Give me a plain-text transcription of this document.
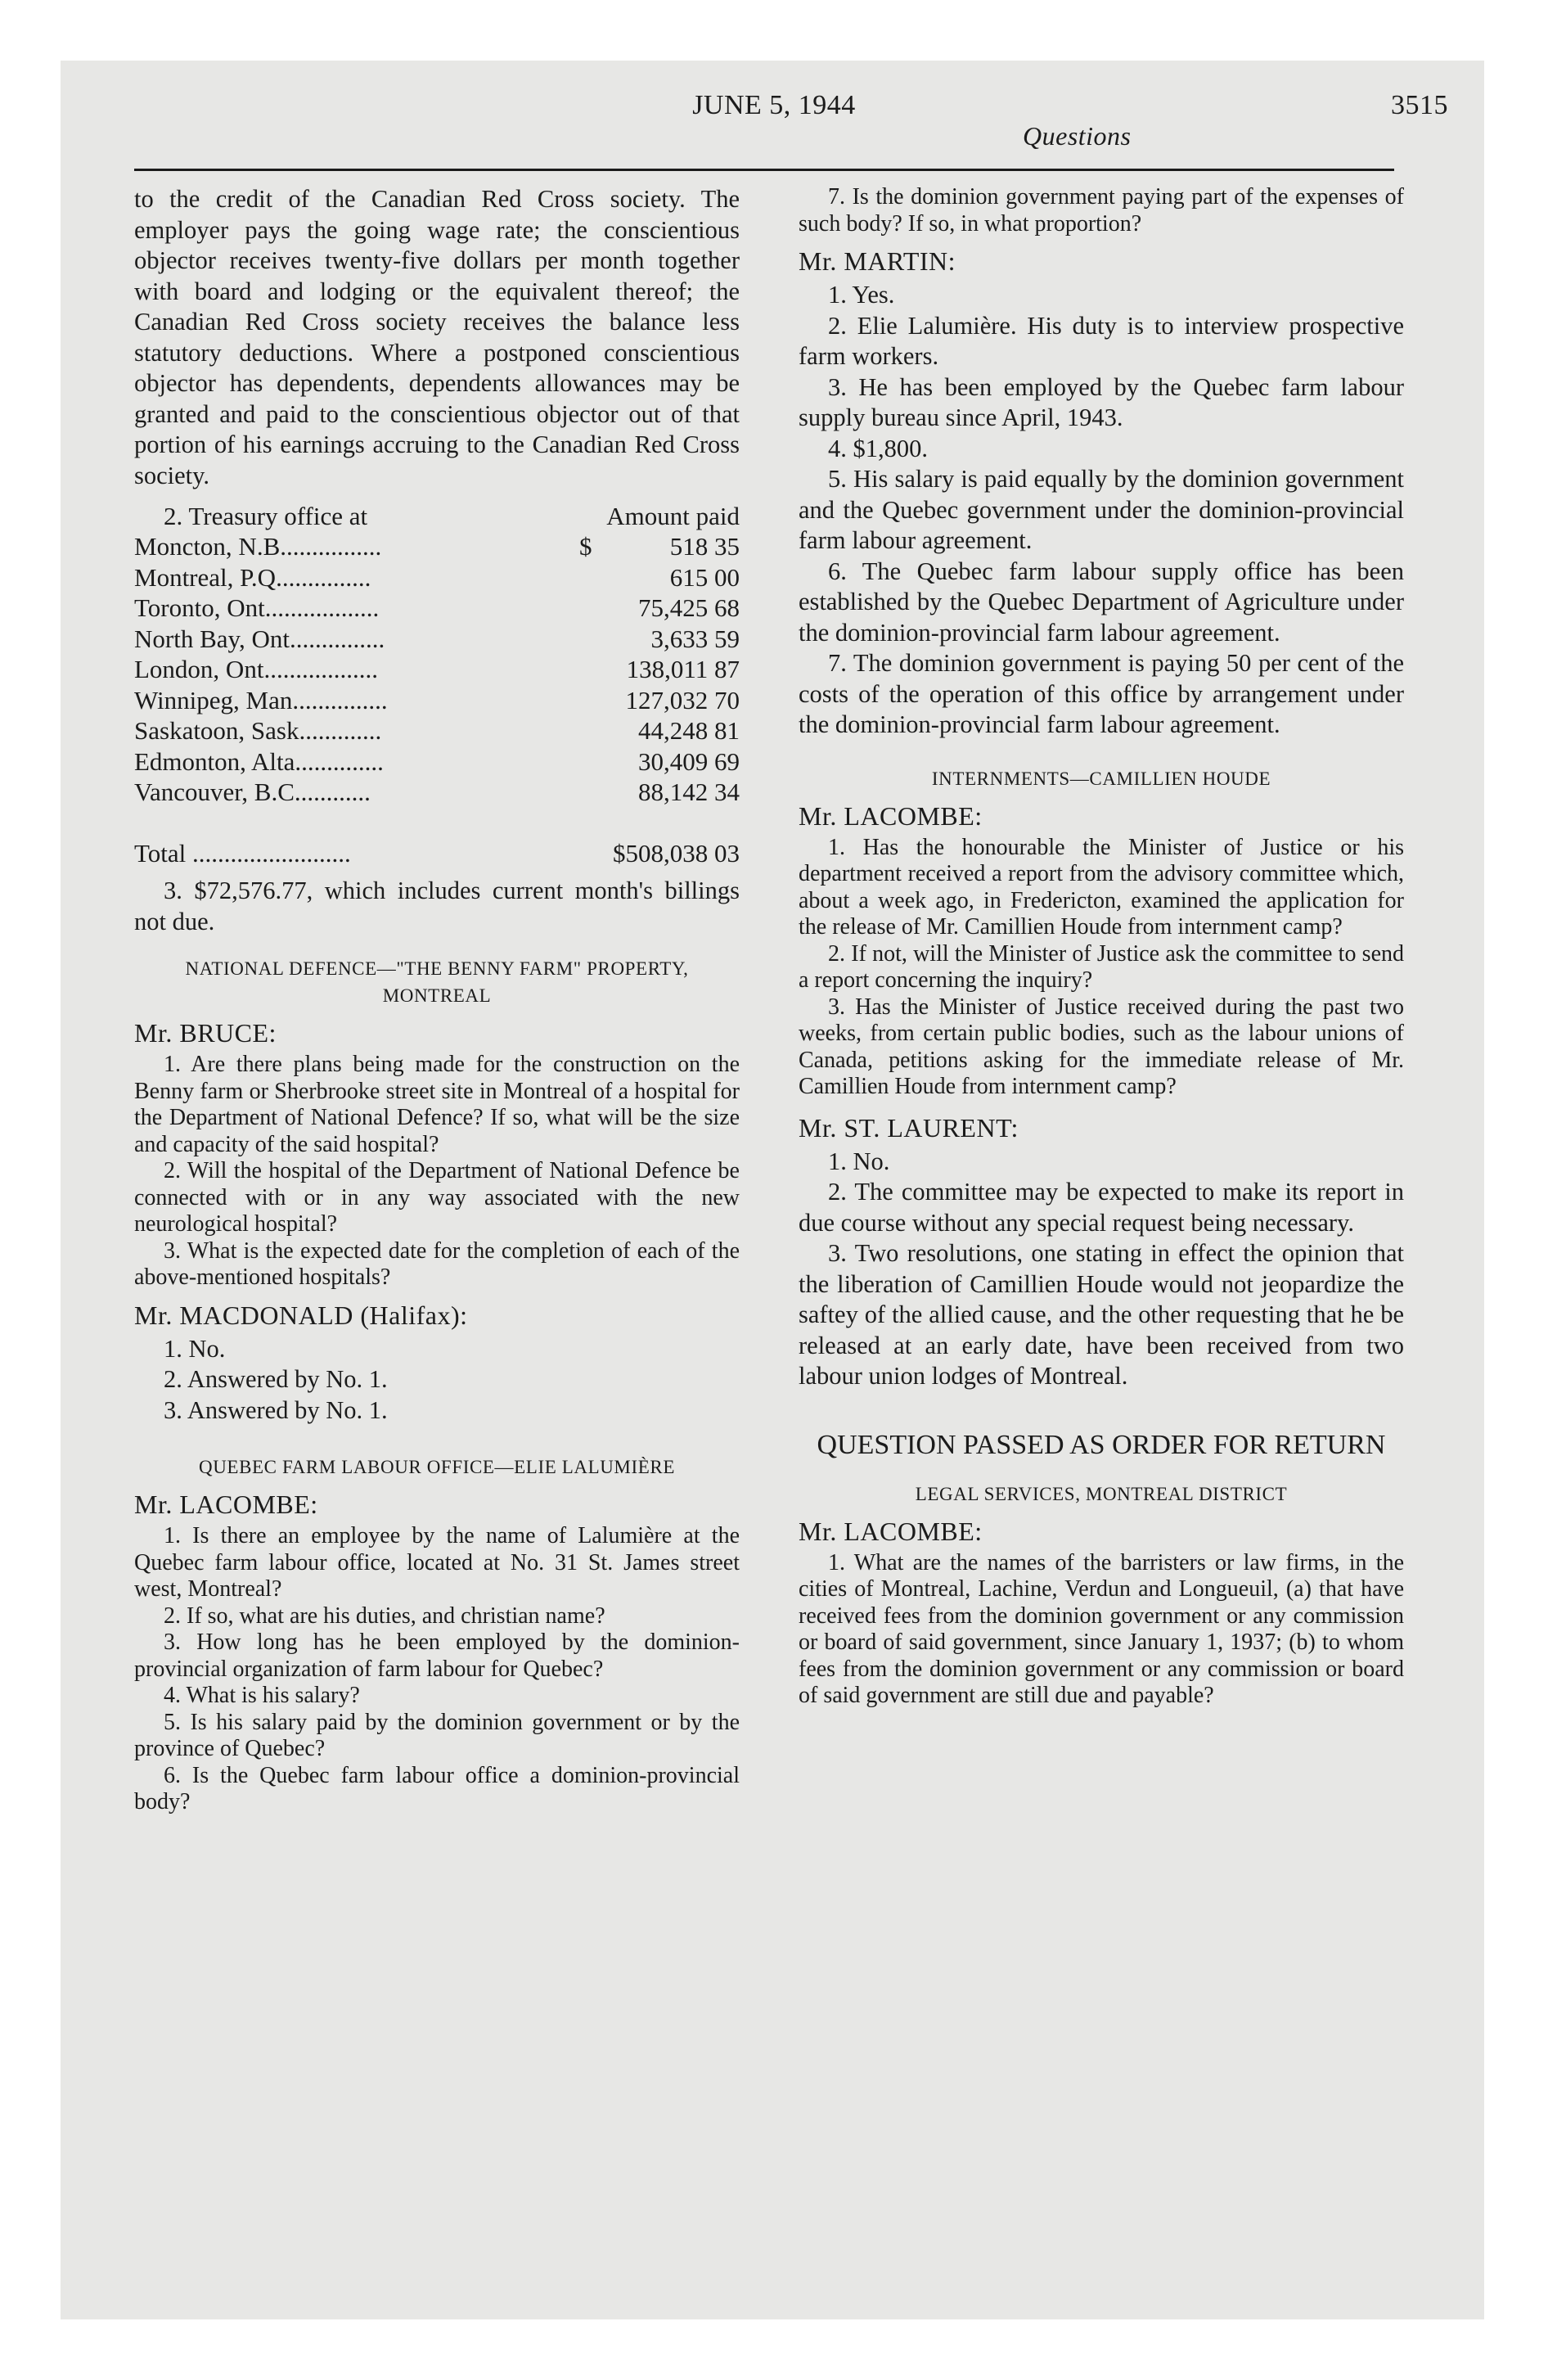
JUNE 5, 1944
Questions
3515

to the credit of the Canadian Red Cross society. The employer pays the going wage rate; the conscientious objector receives twenty-five dollars per month together with board and lodging or the equivalent thereof; the Canadian Red Cross society receives the balance less statutory deductions. Where a postponed conscientious objector has dependents, dependents allowances may be granted and paid to the conscientious objector out of that portion of his earnings accruing to the Canadian Red Cross society.

2. Treasury office at		Amount paid
Moncton, N.B................	$	518 35
Montreal, P.Q...............		615 00
Toronto, Ont..................		75,425 68
North Bay, Ont...............		3,633 59
London, Ont..................		138,011 87
Winnipeg, Man...............		127,032 70
Saskatoon, Sask.............		44,248 81
Edmonton, Alta..............		30,409 69
Vancouver, B.C............		88,142 34

Total .........................		$508,038 03

3. $72,576.77, which includes current month's billings not due.

NATIONAL DEFENCE—"THE BENNY FARM" PROPERTY, MONTREAL
Mr. BRUCE:

1. Are there plans being made for the construction on the Benny farm or Sherbrooke street site in Montreal of a hospital for the Department of National Defence? If so, what will be the size and capacity of the said hospital?

2. Will the hospital of the Department of National Defence be connected with or in any way associated with the new neurological hospital?

3. What is the expected date for the completion of each of the above-mentioned hospitals?

Mr. MACDONALD (Halifax):

1. No.

2. Answered by No. 1.

3. Answered by No. 1.

QUEBEC FARM LABOUR OFFICE—ELIE LALUMIÈRE
Mr. LACOMBE:

1. Is there an employee by the name of Lalumière at the Quebec farm labour office, located at No. 31 St. James street west, Montreal?

2. If so, what are his duties, and christian name?

3. How long has he been employed by the dominion-provincial organization of farm labour for Quebec?

4. What is his salary?

5. Is his salary paid by the dominion government or by the province of Quebec?

6. Is the Quebec farm labour office a dominion-provincial body?

7. Is the dominion government paying part of the expenses of such body? If so, in what proportion?

Mr. MARTIN:

1. Yes.

2. Elie Lalumière. His duty is to interview prospective farm workers.

3. He has been employed by the Quebec farm labour supply bureau since April, 1943.

4. $1,800.

5. His salary is paid equally by the dominion government and the Quebec government under the dominion-provincial farm labour agreement.

6. The Quebec farm labour supply office has been established by the Quebec Department of Agriculture under the dominion-provincial farm labour agreement.

7. The dominion government is paying 50 per cent of the costs of the operation of this office by arrangement under the dominion-provincial farm labour agreement.

INTERNMENTS—CAMILLIEN HOUDE
Mr. LACOMBE:

1. Has the honourable the Minister of Justice or his department received a report from the advisory committee which, about a week ago, in Fredericton, examined the application for the release of Mr. Camillien Houde from internment camp?

2. If not, will the Minister of Justice ask the committee to send a report concerning the inquiry?

3. Has the Minister of Justice received during the past two weeks, from certain public bodies, such as the labour unions of Canada, petitions asking for the immediate release of Mr. Camillien Houde from internment camp?

Mr. ST. LAURENT:

1. No.

2. The committee may be expected to make its report in due course without any special request being necessary.

3. Two resolutions, one stating in effect the opinion that the liberation of Camillien Houde would not jeopardize the saftey of the allied cause, and the other requesting that he be released at an early date, have been received from two labour union lodges of Montreal.

QUESTION PASSED AS ORDER FOR RETURN
LEGAL SERVICES, MONTREAL DISTRICT
Mr. LACOMBE:

1. What are the names of the barristers or law firms, in the cities of Montreal, Lachine, Verdun and Longueuil, (a) that have received fees from the dominion government or any commission or board of said government, since January 1, 1937; (b) to whom fees from the dominion government or any commission or board of said government are still due and payable?
